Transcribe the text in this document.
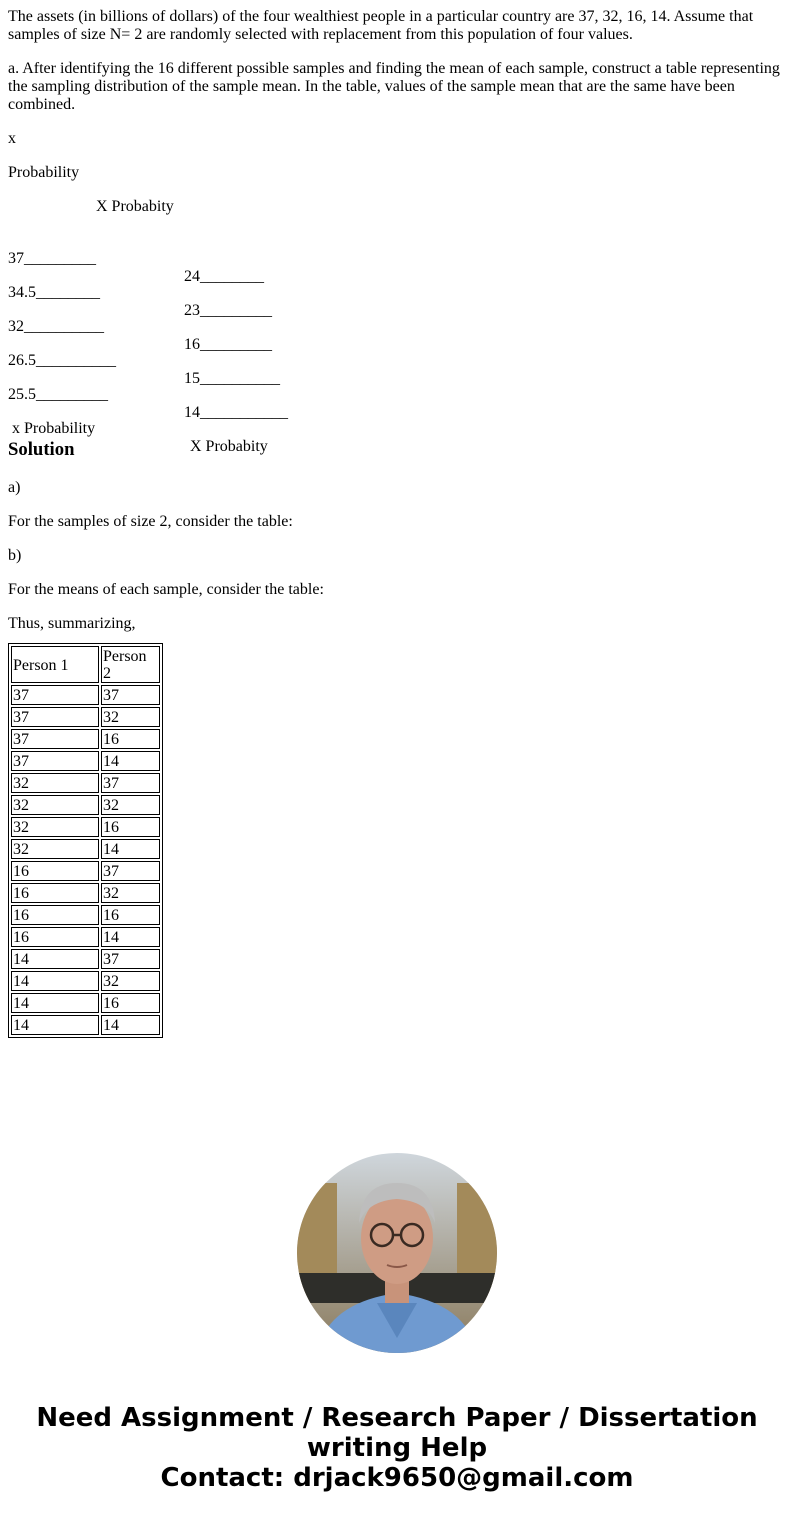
The assets (in billions of dollars) of the four wealthiest people in a particular country are 37, 32, 16, 14. Assume that samples of size N= 2 are randomly selected with replacement from this population of four values.

a. After identifying the 16 different possible samples and finding the mean of each sample, construct a table representing the sampling distribution of the sample mean. In the table, values of the sample mean that are the same have been combined.

x

Probability

X Probabity

37_________

24________

34.5________

23_________

32__________

16_________

26.5__________

15__________

25.5_________

14___________

x Probability

X Probabity

Solution

a)

For the samples of size 2, consider the table:

b)

For the means of each sample, consider the table:

Thus, summarizing,

Person 1	Person 2
37	37
37	32
37	16
37	14
32	37
32	32
32	16
32	14
16	37
16	32
16	16
16	14
14	37
14	32
14	16
14	14
Need Assignment / Research Paper / Dissertation
writing Help
Contact: drjack9650@gmail.com
